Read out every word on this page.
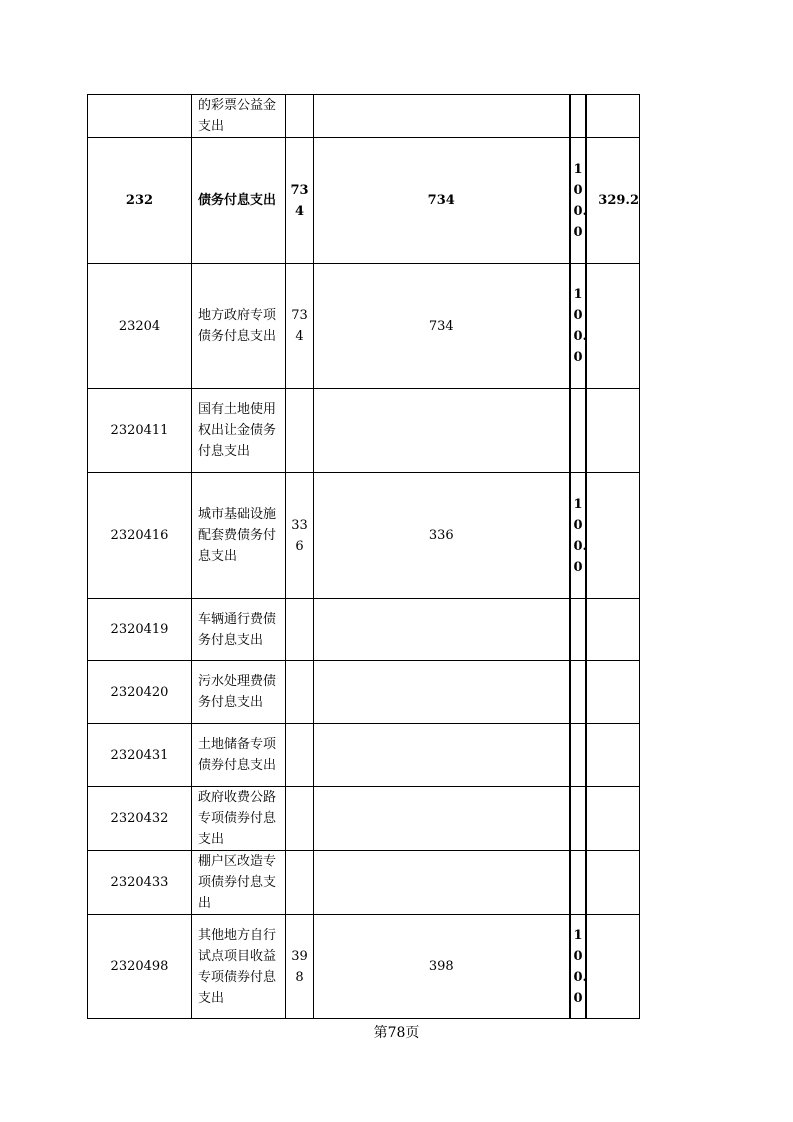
	的彩票公益金支出			

232	债务付息支出	734	734	100.0	329.2
23204	地方政府专项债务付息支出	734	734	100.0	

2320411	国有土地使用权出让金债务付息支出			

2320416	城市基础设施配套费债务付息支出	336	336	100.0	

2320419	车辆通行费债务付息支出			

2320420	污水处理费债务付息支出			

2320431	土地储备专项债券付息支出			

2320432	政府收费公路专项债券付息支出			

2320433	棚户区改造专项债券付息支出			

2320498	其他地方自行试点项目收益专项债券付息支出	398	398	100.0	

第78页
